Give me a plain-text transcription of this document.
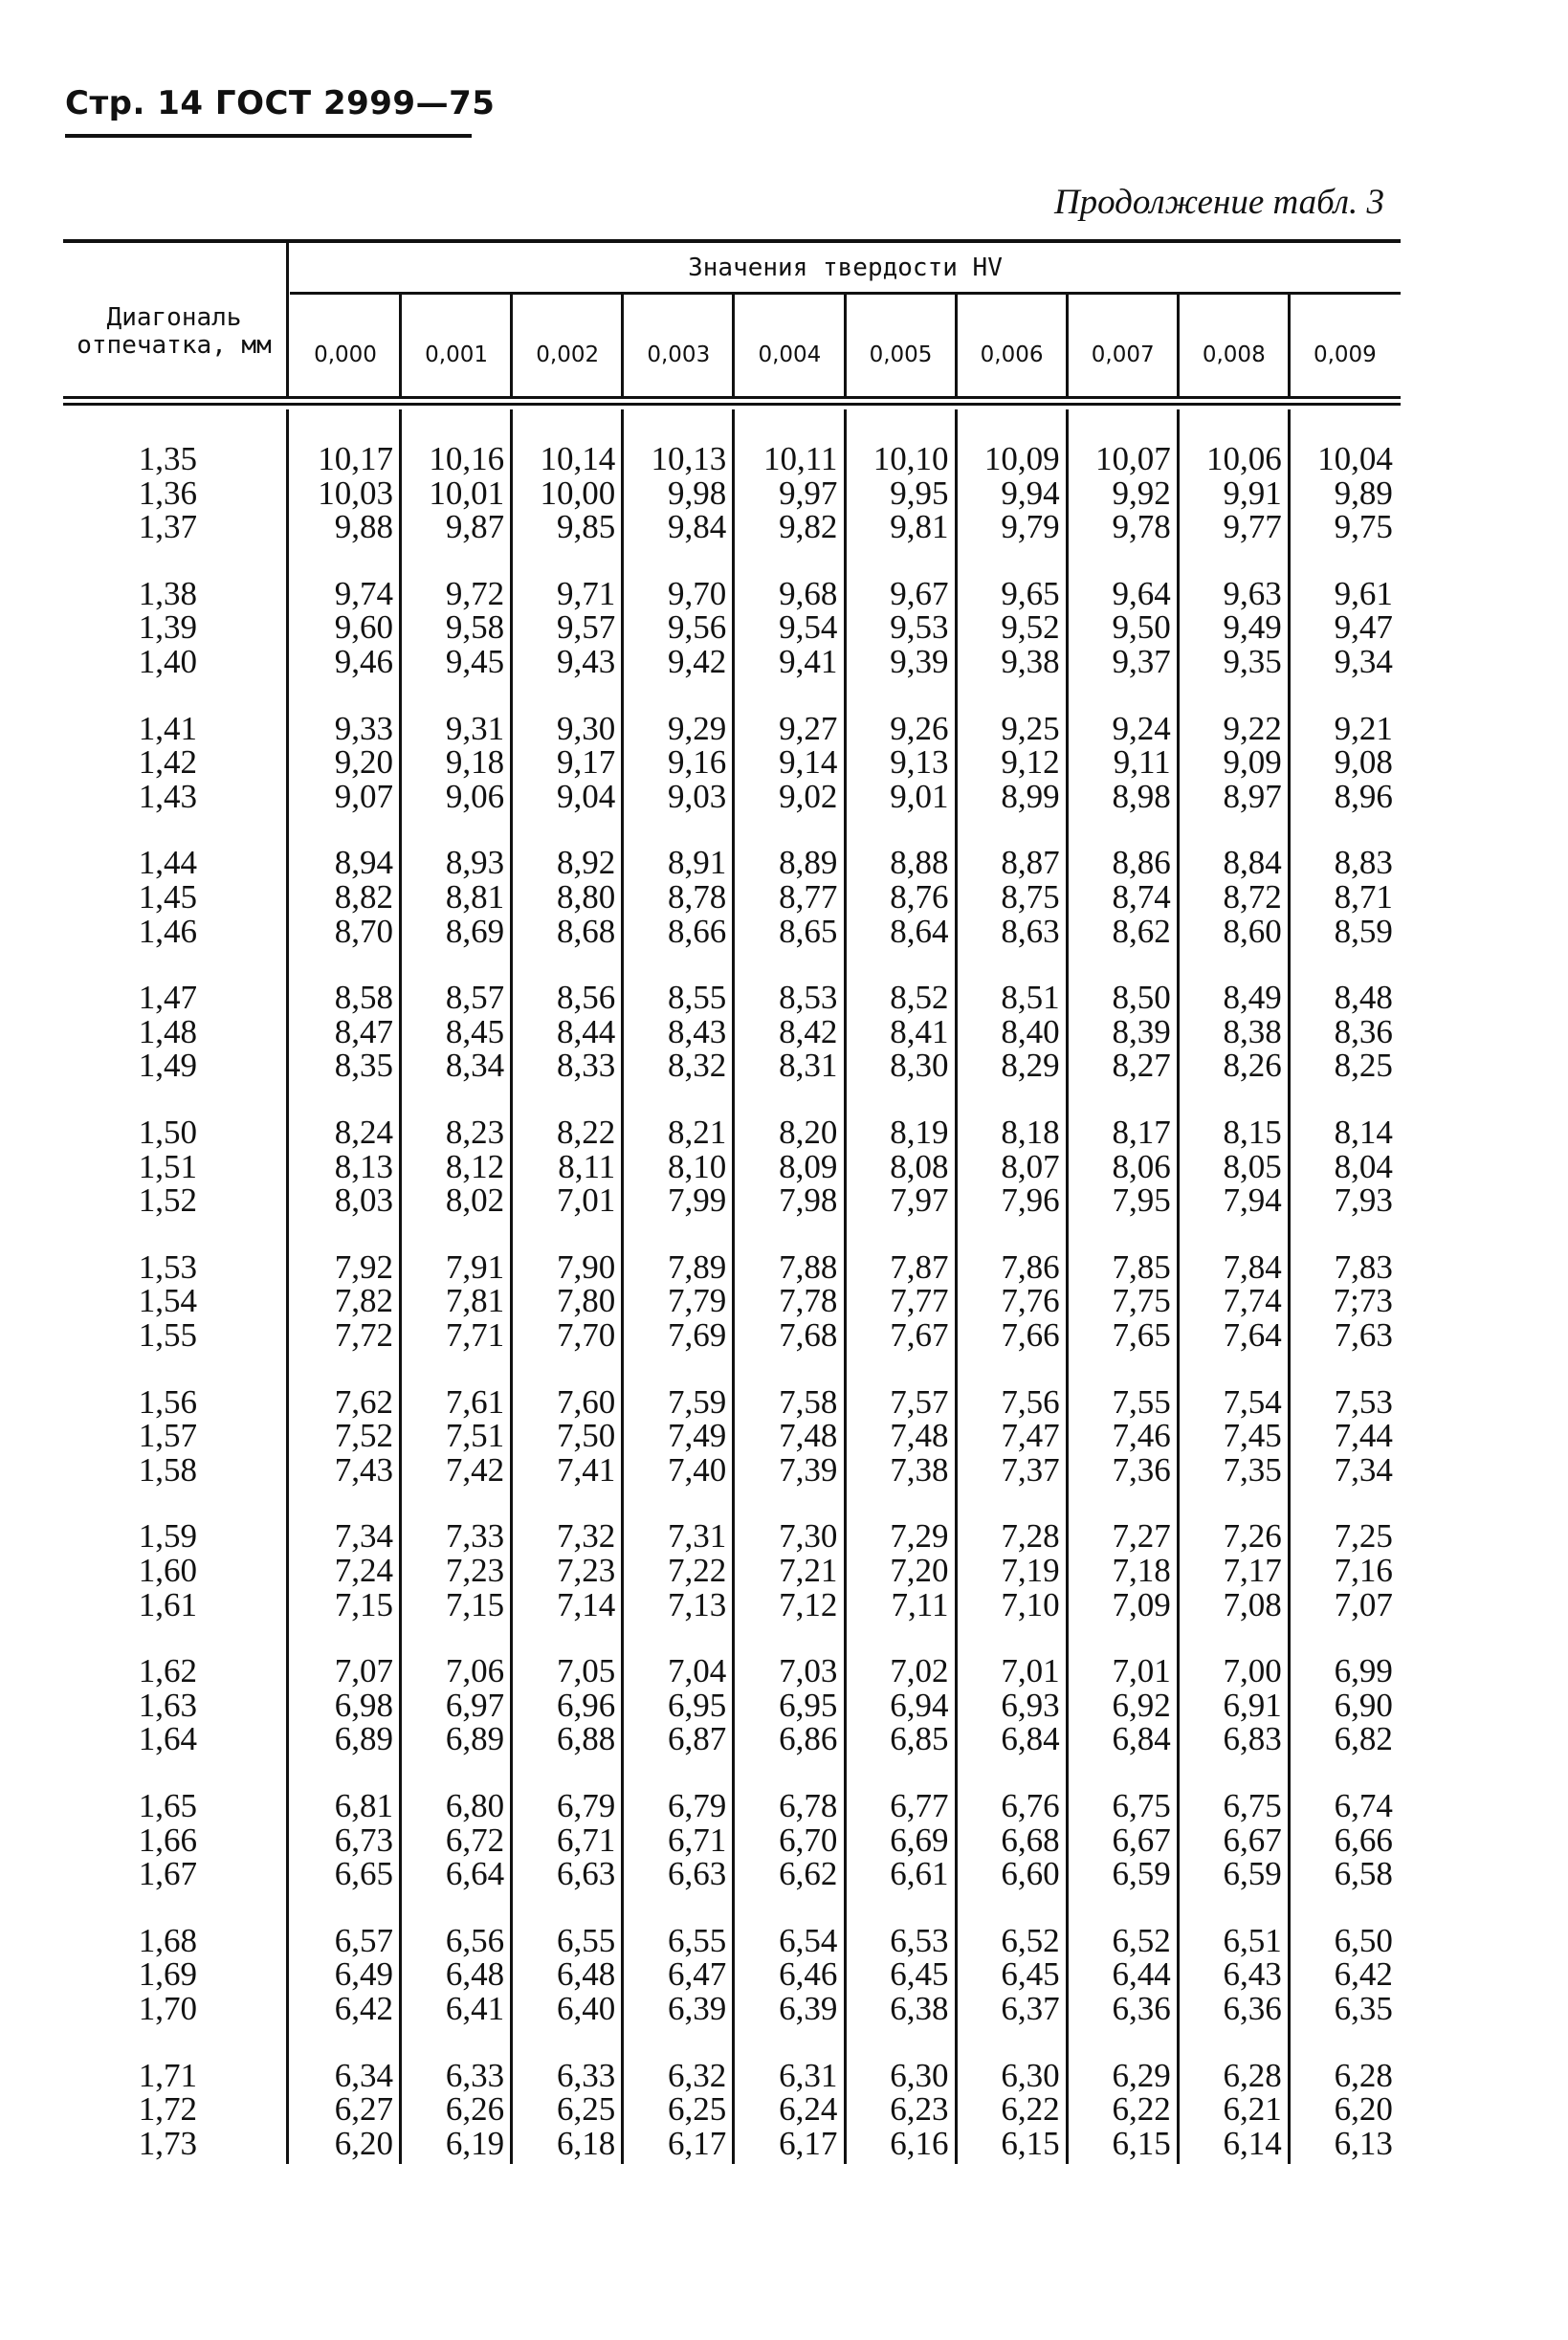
Стр. 14 ГОСТ 2999—75
Продолжение табл. 3
Диагональ отпечатка, мм
Значения твердости HV
0,000	0,001	0,002	0,003	0,004	0,005	0,006	0,007	0,008	0,009
1,35	10,17	10,16	10,14	10,13	10,11	10,10	10,09	10,07	10,06	10,04
1,36	10,03	10,01	10,00	9,98	9,97	9,95	9,94	9,92	9,91	9,89
1,37	9,88	9,87	9,85	9,84	9,82	9,81	9,79	9,78	9,77	9,75
1,38	9,74	9,72	9,71	9,70	9,68	9,67	9,65	9,64	9,63	9,61
1,39	9,60	9,58	9,57	9,56	9,54	9,53	9,52	9,50	9,49	9,47
1,40	9,46	9,45	9,43	9,42	9,41	9,39	9,38	9,37	9,35	9,34
1,41	9,33	9,31	9,30	9,29	9,27	9,26	9,25	9,24	9,22	9,21
1,42	9,20	9,18	9,17	9,16	9,14	9,13	9,12	9,11	9,09	9,08
1,43	9,07	9,06	9,04	9,03	9,02	9,01	8,99	8,98	8,97	8,96
1,44	8,94	8,93	8,92	8,91	8,89	8,88	8,87	8,86	8,84	8,83
1,45	8,82	8,81	8,80	8,78	8,77	8,76	8,75	8,74	8,72	8,71
1,46	8,70	8,69	8,68	8,66	8,65	8,64	8,63	8,62	8,60	8,59
1,47	8,58	8,57	8,56	8,55	8,53	8,52	8,51	8,50	8,49	8,48
1,48	8,47	8,45	8,44	8,43	8,42	8,41	8,40	8,39	8,38	8,36
1,49	8,35	8,34	8,33	8,32	8,31	8,30	8,29	8,27	8,26	8,25
1,50	8,24	8,23	8,22	8,21	8,20	8,19	8,18	8,17	8,15	8,14
1,51	8,13	8,12	8,11	8,10	8,09	8,08	8,07	8,06	8,05	8,04
1,52	8,03	8,02	7,01	7,99	7,98	7,97	7,96	7,95	7,94	7,93
1,53	7,92	7,91	7,90	7,89	7,88	7,87	7,86	7,85	7,84	7,83
1,54	7,82	7,81	7,80	7,79	7,78	7,77	7,76	7,75	7,74	7;73
1,55	7,72	7,71	7,70	7,69	7,68	7,67	7,66	7,65	7,64	7,63
1,56	7,62	7,61	7,60	7,59	7,58	7,57	7,56	7,55	7,54	7,53
1,57	7,52	7,51	7,50	7,49	7,48	7,48	7,47	7,46	7,45	7,44
1,58	7,43	7,42	7,41	7,40	7,39	7,38	7,37	7,36	7,35	7,34
1,59	7,34	7,33	7,32	7,31	7,30	7,29	7,28	7,27	7,26	7,25
1,60	7,24	7,23	7,23	7,22	7,21	7,20	7,19	7,18	7,17	7,16
1,61	7,15	7,15	7,14	7,13	7,12	7,11	7,10	7,09	7,08	7,07
1,62	7,07	7,06	7,05	7,04	7,03	7,02	7,01	7,01	7,00	6,99
1,63	6,98	6,97	6,96	6,95	6,95	6,94	6,93	6,92	6,91	6,90
1,64	6,89	6,89	6,88	6,87	6,86	6,85	6,84	6,84	6,83	6,82
1,65	6,81	6,80	6,79	6,79	6,78	6,77	6,76	6,75	6,75	6,74
1,66	6,73	6,72	6,71	6,71	6,70	6,69	6,68	6,67	6,67	6,66
1,67	6,65	6,64	6,63	6,63	6,62	6,61	6,60	6,59	6,59	6,58
1,68	6,57	6,56	6,55	6,55	6,54	6,53	6,52	6,52	6,51	6,50
1,69	6,49	6,48	6,48	6,47	6,46	6,45	6,45	6,44	6,43	6,42
1,70	6,42	6,41	6,40	6,39	6,39	6,38	6,37	6,36	6,36	6,35
1,71	6,34	6,33	6,33	6,32	6,31	6,30	6,30	6,29	6,28	6,28
1,72	6,27	6,26	6,25	6,25	6,24	6,23	6,22	6,22	6,21	6,20
1,73	6,20	6,19	6,18	6,17	6,17	6,16	6,15	6,15	6,14	6,13
